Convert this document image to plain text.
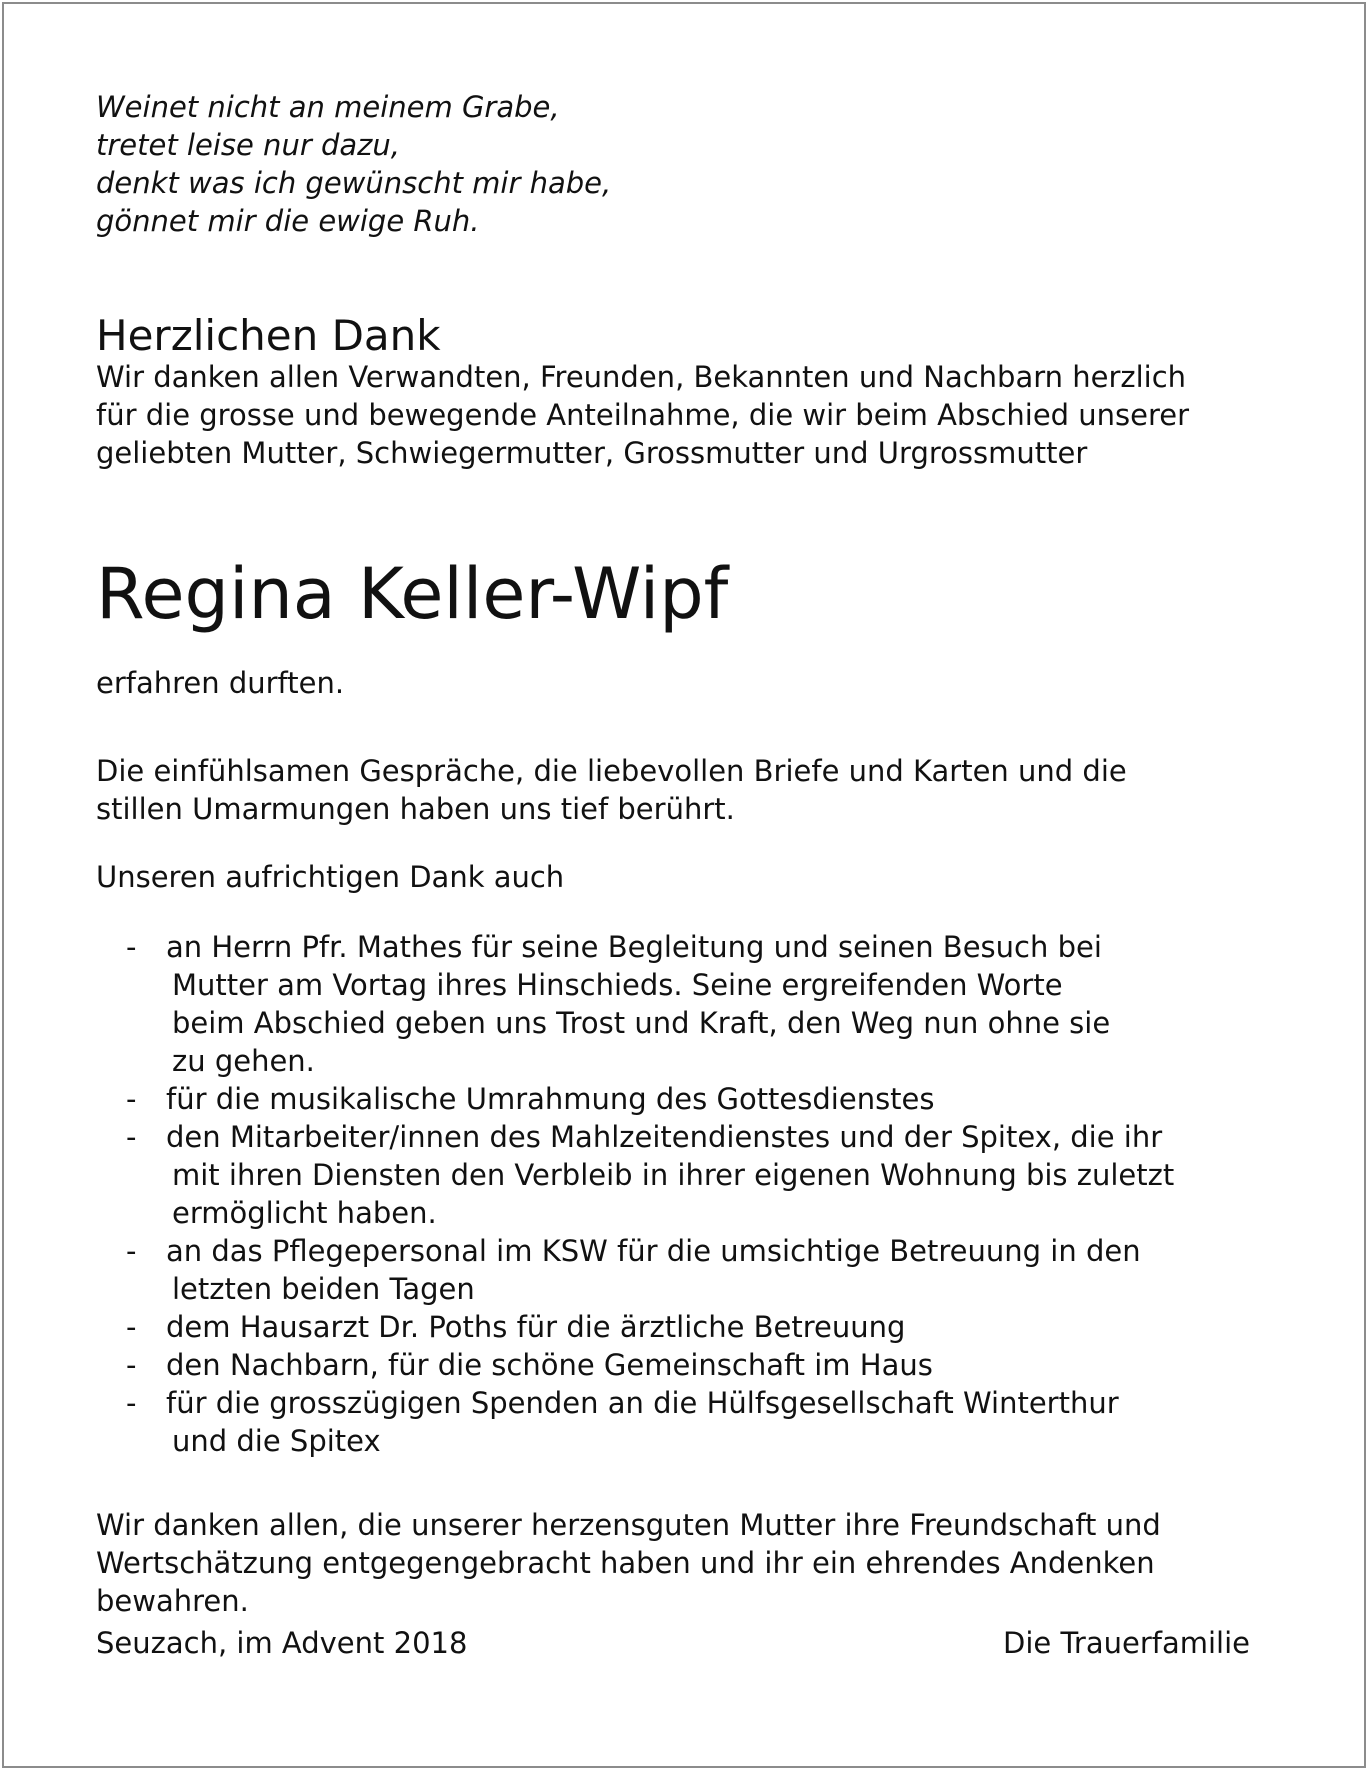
Weinet nicht an meinem Grabe,
tretet leise nur dazu,
denkt was ich gewünscht mir habe,
gönnet mir die ewige Ruh.
Herzlichen Dank
Wir danken allen Verwandten, Freunden, Bekannten und Nachbarn herzlich
für die grosse und bewegende Anteilnahme, die wir beim Abschied unserer
geliebten Mutter, Schwiegermutter, Grossmutter und Urgrossmutter
Regina Keller-Wipf
erfahren durften.
Die einfühlsamen Gespräche, die liebevollen Briefe und Karten und die
stillen Umarmungen haben uns tief berührt.
Unseren aufrichtigen Dank auch
- an Herrn Pfr. Mathes für seine Begleitung und seinen Besuch bei
Mutter am Vortag ihres Hinschieds. Seine ergreifenden Worte
beim Abschied geben uns Trost und Kraft, den Weg nun ohne sie
zu gehen.
- für die musikalische Umrahmung des Gottesdienstes
- den Mitarbeiter/innen des Mahlzeitendienstes und der Spitex, die ihr
mit ihren Diensten den Verbleib in ihrer eigenen Wohnung bis zuletzt
ermöglicht haben.
- an das Pflegepersonal im KSW für die umsichtige Betreuung in den
letzten beiden Tagen
- dem Hausarzt Dr. Poths für die ärztliche Betreuung
- den Nachbarn, für die schöne Gemeinschaft im Haus
- für die grosszügigen Spenden an die Hülfsgesellschaft Winterthur
und die Spitex
Wir danken allen, die unserer herzensguten Mutter ihre Freundschaft und
Wertschätzung entgegengebracht haben und ihr ein ehrendes Andenken
bewahren.
Seuzach, im Advent 2018	Die Trauerfamilie
